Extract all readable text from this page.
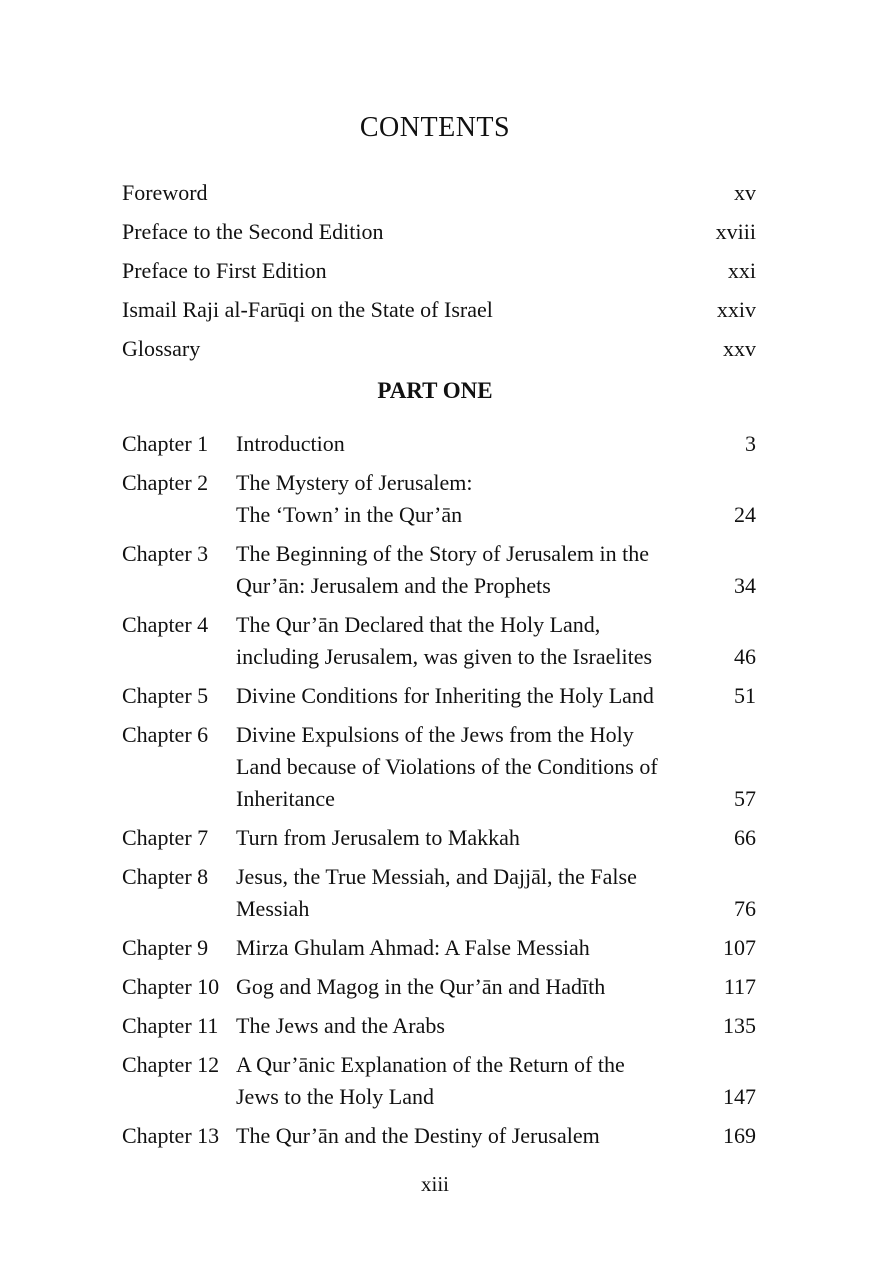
CONTENTS
Foreword	xv
Preface to the Second Edition	xviii
Preface to First Edition	xxi
Ismail Raji al-Farūqi on the State of Israel	xxiv
Glossary	xxv
PART ONE
Chapter 1	Introduction	3
Chapter 2	The Mystery of Jerusalem:
The ‘Town’ in the Qur’ān	24
Chapter 3	The Beginning of the Story of Jerusalem in the
Qur’ān: Jerusalem and the Prophets	34
Chapter 4	The Qur’ān Declared that the Holy Land,
including Jerusalem, was given to the Israelites	46
Chapter 5	Divine Conditions for Inheriting the Holy Land	51
Chapter 6	Divine Expulsions of the Jews from the Holy
Land because of Violations of the Conditions of
Inheritance	57
Chapter 7	Turn from Jerusalem to Makkah	66
Chapter 8	Jesus, the True Messiah, and Dajjāl, the False
Messiah	76
Chapter 9	Mirza Ghulam Ahmad: A False Messiah	107
Chapter 10 Gog and Magog in the Qur’ān and Hadīth	117
Chapter 11 The Jews and the Arabs	135
Chapter 12 A Qur’ānic Explanation of the Return of the
Jews to the Holy Land	147
Chapter 13 The Qur’ān and the Destiny of Jerusalem	169
xiii
